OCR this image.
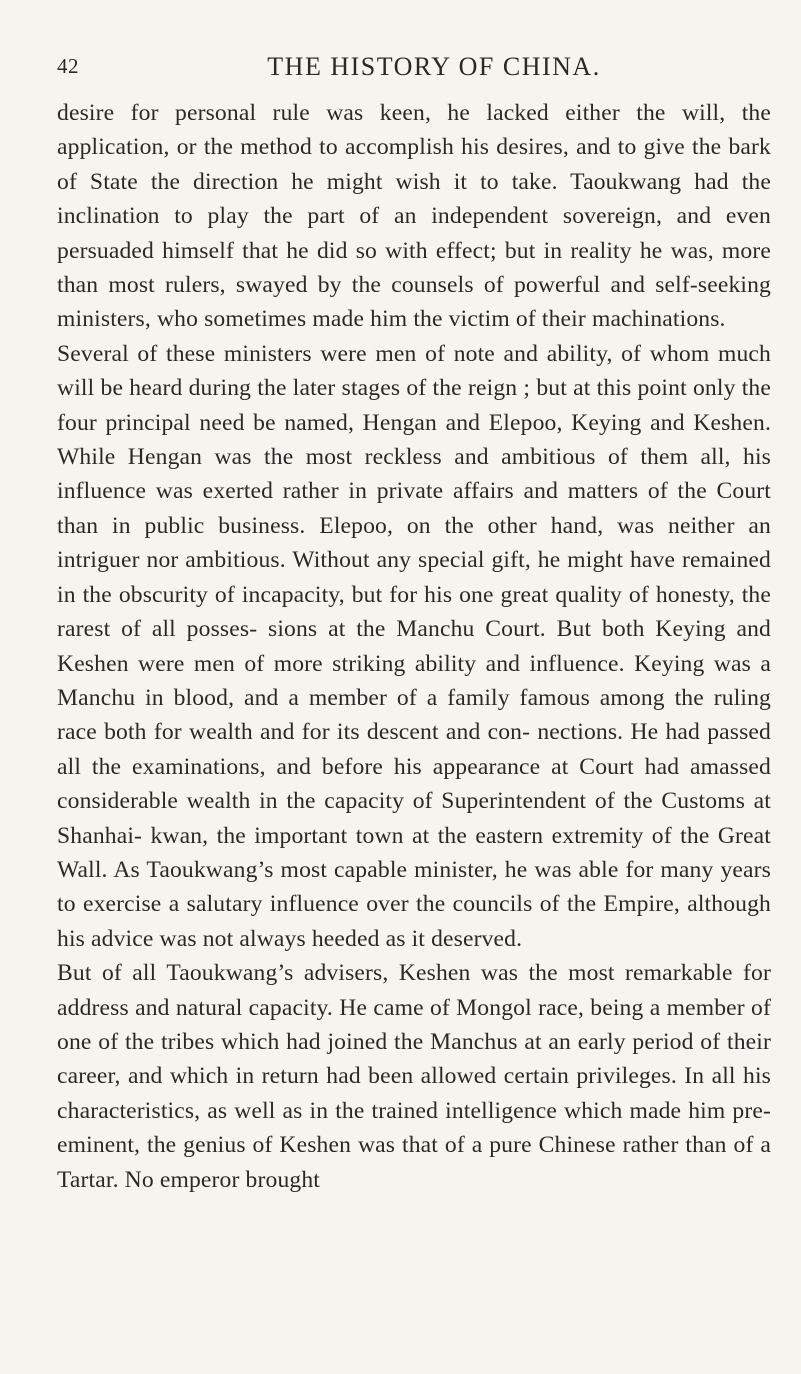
42	THE HISTORY OF CHINA.

desire for personal rule was keen, he lacked either the will, the application, or the method to accomplish his desires, and to give the bark of State the direction he might wish it to take. Taoukwang had the inclination to play the part of an independent sovereign, and even persuaded himself that he did so with effect; but in reality he was, more than most rulers, swayed by the counsels of powerful and self-seeking ministers, who sometimes made him the victim of their machinations.

Several of these ministers were men of note and ability, of whom much will be heard during the later stages of the reign ; but at this point only the four principal need be named, Hengan and Elepoo, Keying and Keshen. While Hengan was the most reckless and ambitious of them all, his influence was exerted rather in private affairs and matters of the Court than in public business. Elepoo, on the other hand, was neither an intriguer nor ambitious. Without any special gift, he might have remained in the obscurity of incapacity, but for his one great quality of honesty, the rarest of all posses- sions at the Manchu Court. But both Keying and Keshen were men of more striking ability and influence. Keying was a Manchu in blood, and a member of a family famous among the ruling race both for wealth and for its descent and con- nections. He had passed all the examinations, and before his appearance at Court had amassed considerable wealth in the capacity of Superintendent of the Customs at Shanhai- kwan, the important town at the eastern extremity of the Great Wall. As Taoukwang’s most capable minister, he was able for many years to exercise a salutary influence over the councils of the Empire, although his advice was not always heeded as it deserved.

But of all Taoukwang’s advisers, Keshen was the most remarkable for address and natural capacity. He came of Mongol race, being a member of one of the tribes which had joined the Manchus at an early period of their career, and which in return had been allowed certain privileges. In all his characteristics, as well as in the trained intelligence which made him pre-eminent, the genius of Keshen was that of a pure Chinese rather than of a Tartar. No emperor brought
